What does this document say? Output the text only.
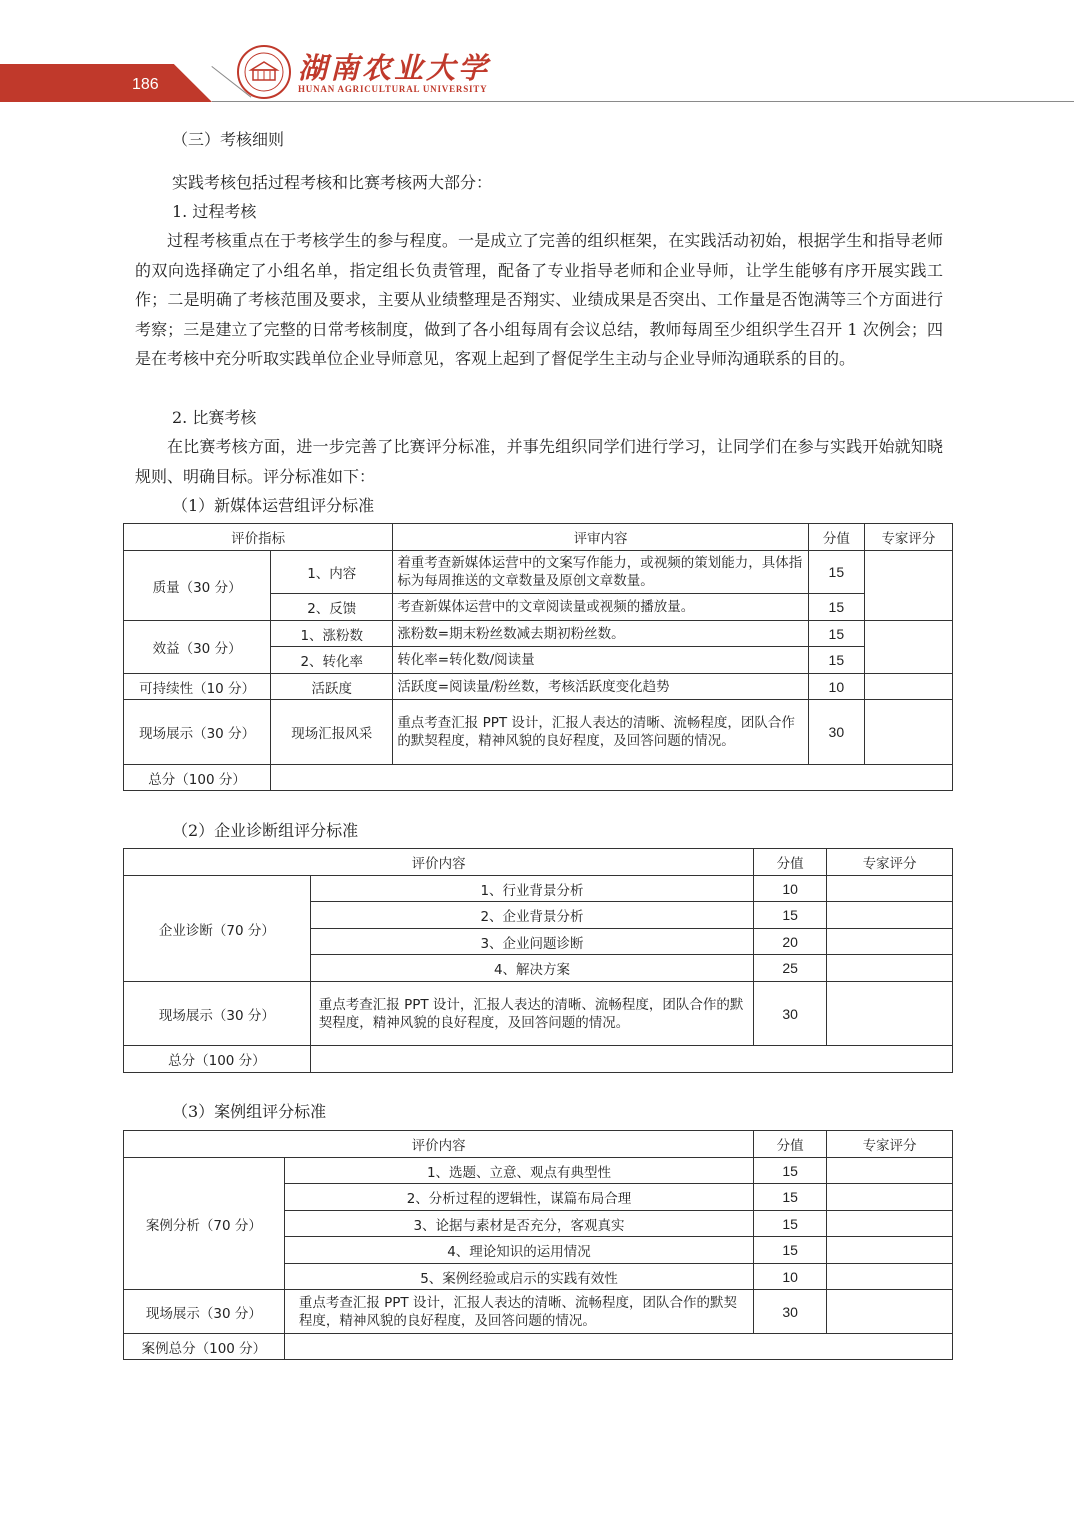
186	湖南农业大学
HUNAN AGRICULTURAL UNIVERSITY
（三）考核细则
实践考核包括过程考核和比赛考核两大部分：
1. 过程考核
过程考核重点在于考核学生的参与程度。一是成立了完善的组织框架，在实践活动初始，根据学生和指导老师的双向选择确定了小组名单，指定组长负责管理，配备了专业指导老师和企业导师，让学生能够有序开展实践工作；二是明确了考核范围及要求，主要从业绩整理是否翔实、业绩成果是否突出、工作量是否饱满等三个方面进行考察；三是建立了完整的日常考核制度，做到了各小组每周有会议总结，教师每周至少组织学生召开 1 次例会；四是在考核中充分听取实践单位企业导师意见，客观上起到了督促学生主动与企业导师沟通联系的目的。
2. 比赛考核
在比赛考核方面，进一步完善了比赛评分标准，并事先组织同学们进行学习，让同学们在参与实践开始就知晓规则、明确目标。评分标准如下：
（1）新媒体运营组评分标准
评价指标		评审内容	分值	专家评分
质量（30 分）	1、内容	着重考查新媒体运营中的文案写作能力，或视频的策划能力，具体指标为每周推送的文章数量及原创文章数量。	15	
	2、反馈	考查新媒体运营中的文章阅读量或视频的播放量。	15	
效益（30 分）	1、涨粉数	涨粉数=期末粉丝数减去期初粉丝数。	15	
	2、转化率	转化率=转化数/阅读量	15	
可持续性（10 分）	活跃度	活跃度=阅读量/粉丝数，考核活跃度变化趋势	10	
现场展示（30 分）	现场汇报风采	重点考查汇报 PPT 设计，汇报人表达的清晰、流畅程度，团队合作的默契程度，精神风貌的良好程度，及回答问题的情况。	30	
总分（100 分）				
（2）企业诊断组评分标准
评价内容		分值	专家评分
企业诊断（70 分）	1、行业背景分析	10	
	2、企业背景分析	15	
	3、企业问题诊断	20	
	4、解决方案	25	
现场展示（30 分）	重点考查汇报 PPT 设计，汇报人表达的清晰、流畅程度，团队合作的默契程度，精神风貌的良好程度，及回答问题的情况。	30	
总分（100 分）			
（3）案例组评分标准
评价内容		分值	专家评分
案例分析（70 分）	1、选题、立意、观点有典型性	15	
	2、分析过程的逻辑性，谋篇布局合理	15	
	3、论据与素材是否充分，客观真实	15	
	4、理论知识的运用情况	15	
	5、案例经验或启示的实践有效性	10	
现场展示（30 分）	重点考查汇报 PPT 设计，汇报人表达的清晰、流畅程度，团队合作的默契程度，精神风貌的良好程度，及回答问题的情况。	30	
案例总分（100 分）			
